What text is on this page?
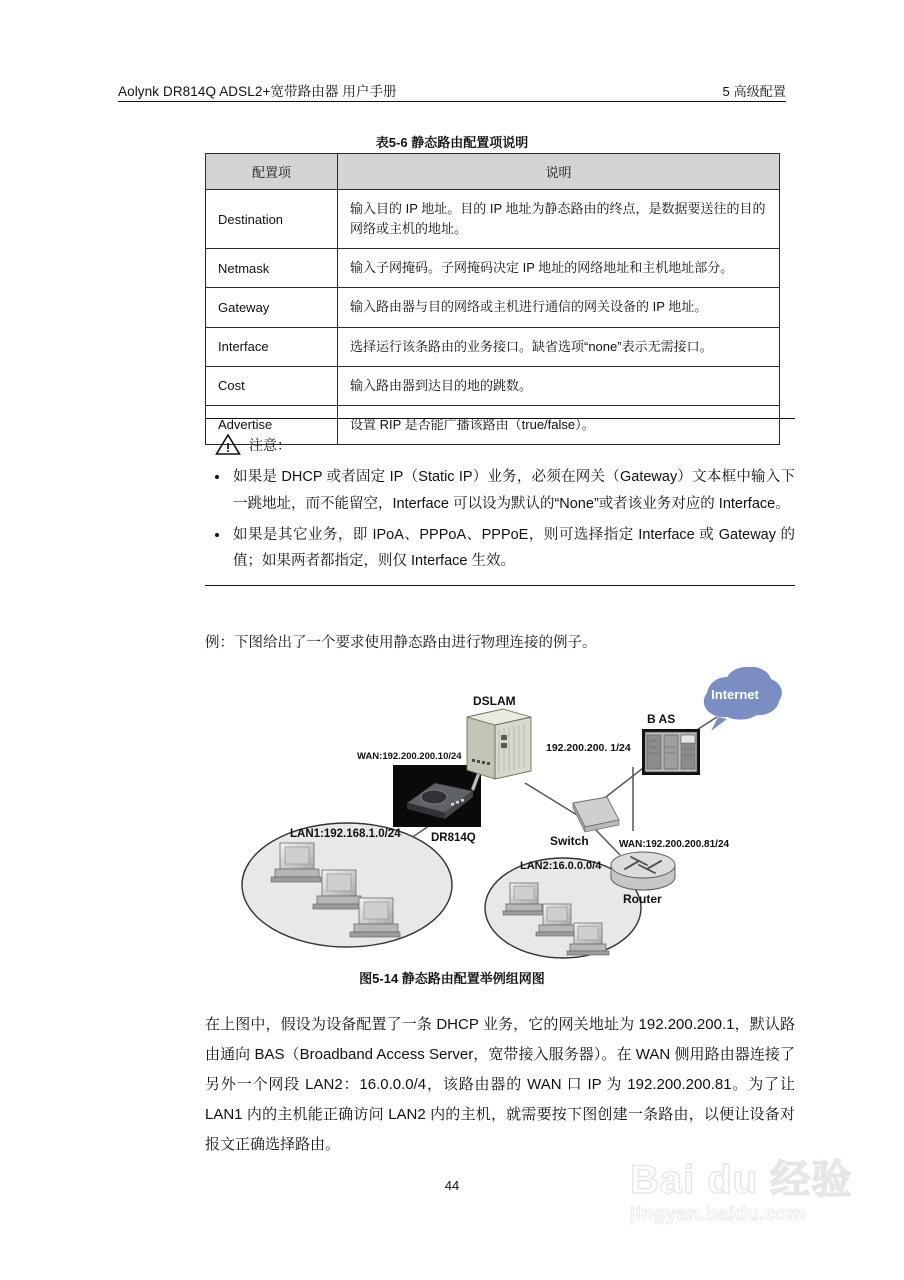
Aolynk DR814Q ADSL2+宽带路由器 用户手册	5 高级配置
表5-6 静态路由配置项说明
配置项	说明
Destination	输入目的 IP 地址。目的 IP 地址为静态路由的终点，是数据要送往的目的网络或主机的地址。
Netmask	输入子网掩码。子网掩码决定 IP 地址的网络地址和主机地址部分。
Gateway	输入路由器与目的网络或主机进行通信的网关设备的 IP 地址。
Interface	选择运行该条路由的业务接口。缺省选项“none”表示无需接口。
Cost	输入路由器到达目的地的跳数。
Advertise	设置 RIP 是否能广播该路由（true/false）。
注意：
如果是 DHCP 或者固定 IP（Static IP）业务，必须在网关（Gateway）文本框中输入下一跳地址，而不能留空，Interface 可以设为默认的“None”或者该业务对应的 Interface。
如果是其它业务，即 IPoA、PPPoA、PPPoE，则可选择指定 Interface 或 Gateway 的值；如果两者都指定，则仅 Interface 生效。
例：下图给出了一个要求使用静态路由进行物理连接的例子。
LAN1:192.168.1.0/24
LAN2:16.0.0.0/4
DR814Q
WAN:192.200.200.10/24
DSLAM
Switch
B AS
192.200.200. 1/24
Internet
Router
WAN:192.200.200.81/24
图5-14 静态路由配置举例组网图
在上图中，假设为设备配置了一条 DHCP 业务，它的网关地址为 192.200.200.1，默认路由通向 BAS（Broadband Access Server，宽带接入服务器）。在 WAN 侧用路由器连接了另外一个网段 LAN2：16.0.0.0/4，该路由器的 WAN 口 IP 为 192.200.200.81。为了让 LAN1 内的主机能正确访问 LAN2 内的主机，就需要按下图创建一条路由，以便让设备对报文正确选择路由。
44	Bai du 经验
jingyan.baidu.com
